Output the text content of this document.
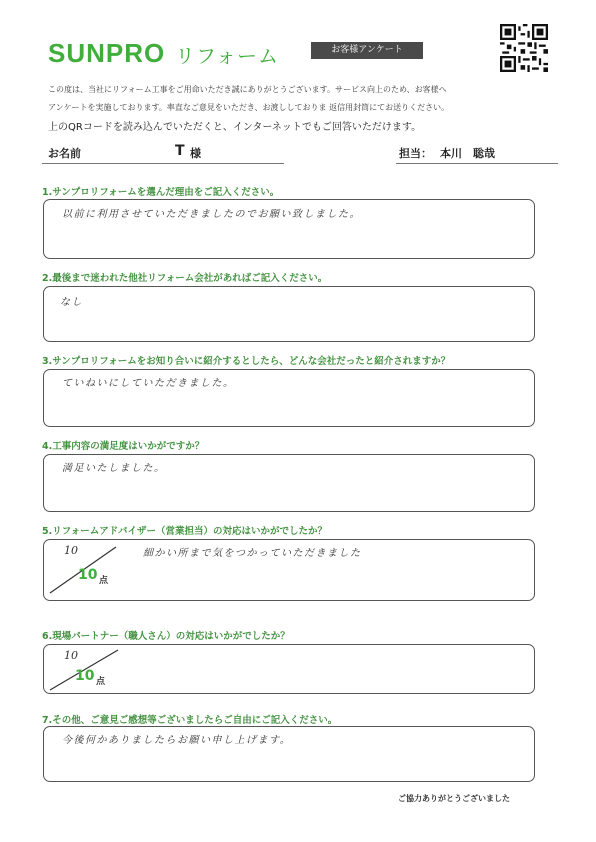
SUNPRO リフォーム	お客様アンケート
この度は、当社にリフォーム工事をご用命いただき誠にありがとうございます。サービス向上のため、お客様へ
アンケートを実施しております。率直なご意見をいただき、お渡ししておりま 返信用封筒にてお送りください。
上のQRコードを読み込んでいただくと、インターネットでもご回答いただけます。
お名前	T 様	担当： 本川　聡哉
1.サンプロリフォームを選んだ理由をご記入ください。
以前に利用させていただきましたのでお願い致しました。
2.最後まで迷われた他社リフォーム会社があればご記入ください。
なし
3.サンプロリフォームをお知り合いに紹介するとしたら、どんな会社だったと紹介されますか？
ていねいにしていただきました。
4.工事内容の満足度はいかがですか？
満足いたしました。
5.リフォームアドバイザー（営業担当）の対応はいかがでしたか？
10
10 点
細かい所まで気をつかっていただきました
6.現場パートナー（職人さん）の対応はいかがでしたか？
10
10 点
7.その他、ご意見ご感想等ございましたらご自由にご記入ください。
今後何かありましたらお願い申し上げます。
ご協力ありがとうございました
